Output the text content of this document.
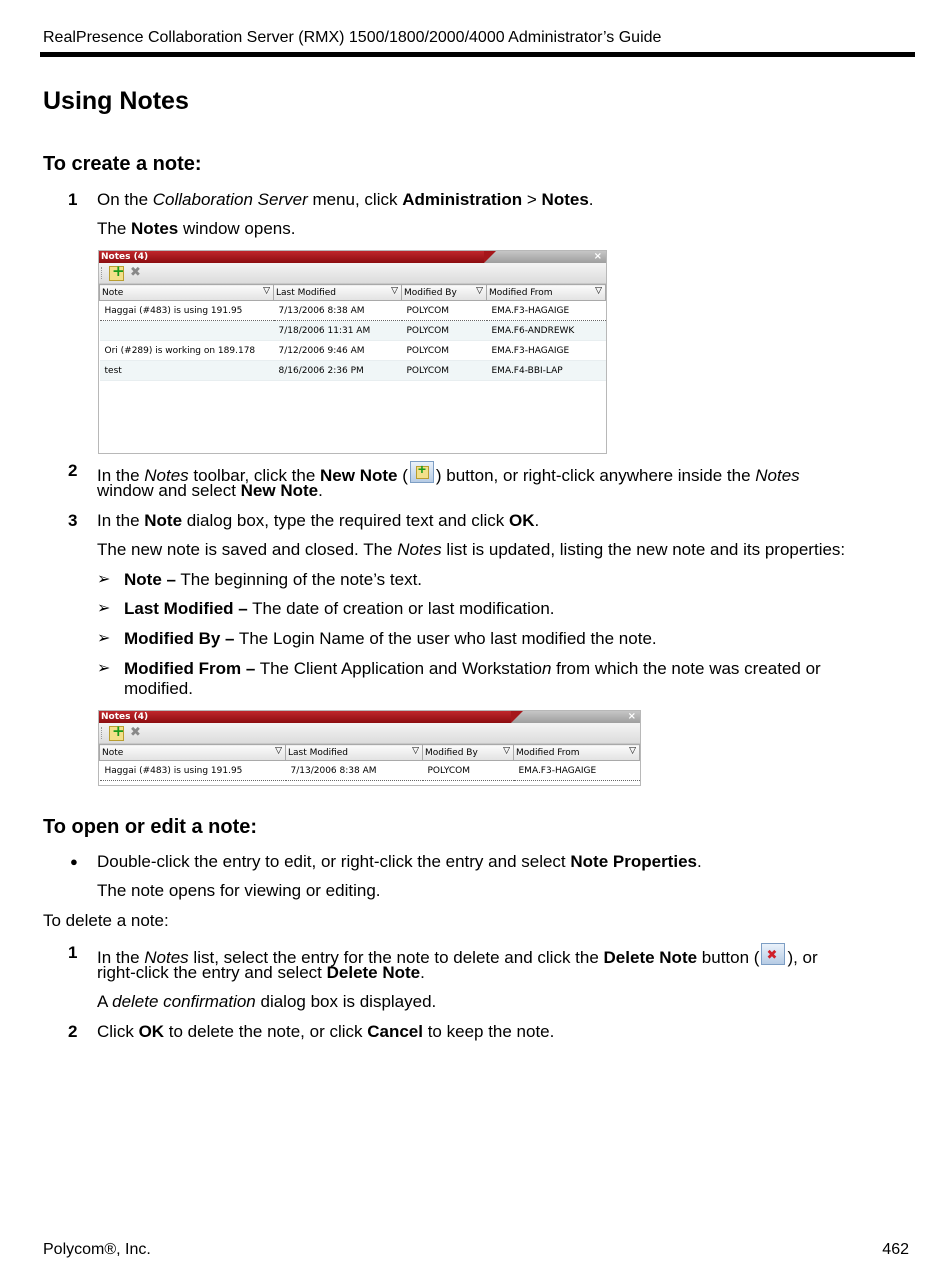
RealPresence Collaboration Server (RMX) 1500/1800/2000/4000 Administrator’s Guide
Using Notes
To create a note:
1 On the Collaboration Server menu, click Administration > Notes.
The Notes window opens.
Notes (4)	×
+
✖
Note ▽	Last Modified ▽	Modified By ▽	Modified From ▽

Haggai (#483) is using 191.95	7/13/2006 8:38 AM	POLYCOM	EMA.F3-HAGAIGE
	7/18/2006 11:31 AM	POLYCOM	EMA.F6-ANDREWK
Ori (#289) is working on 189.178	7/12/2006 9:46 AM	POLYCOM	EMA.F3-HAGAIGE
test	8/16/2006 2:36 PM	POLYCOM	EMA.F4-BBI-LAP
2 In the Notes toolbar, click the New Note ( + ) button, or right-click anywhere inside the Notes
window and select New Note.
3 In the Note dialog box, type the required text and click OK.
The new note is saved and closed. The Notes list is updated, listing the new note and its properties:
➢ Note – The beginning of the note’s text.
➢ Last Modified – The date of creation or last modification.
➢ Modified By – The Login Name of the user who last modified the note.
➢ Modified From – The Client Application and Workstation from which the note was created or
modified.
Notes (4)	×
+
✖
Note ▽	Last Modified ▽	Modified By ▽	Modified From ▽

Haggai (#483) is using 191.95	7/13/2006 8:38 AM	POLYCOM	EMA.F3-HAGAIGE
To open or edit a note:
● Double-click the entry to edit, or right-click the entry and select Note Properties.
The note opens for viewing or editing.
To delete a note:
1 In the Notes list, select the entry for the note to delete and click the Delete Note button ( ✖ ), or
right-click the entry and select Delete Note.
A delete confirmation dialog box is displayed.
2 Click OK to delete the note, or click Cancel to keep the note.
Polycom®, Inc.	462
